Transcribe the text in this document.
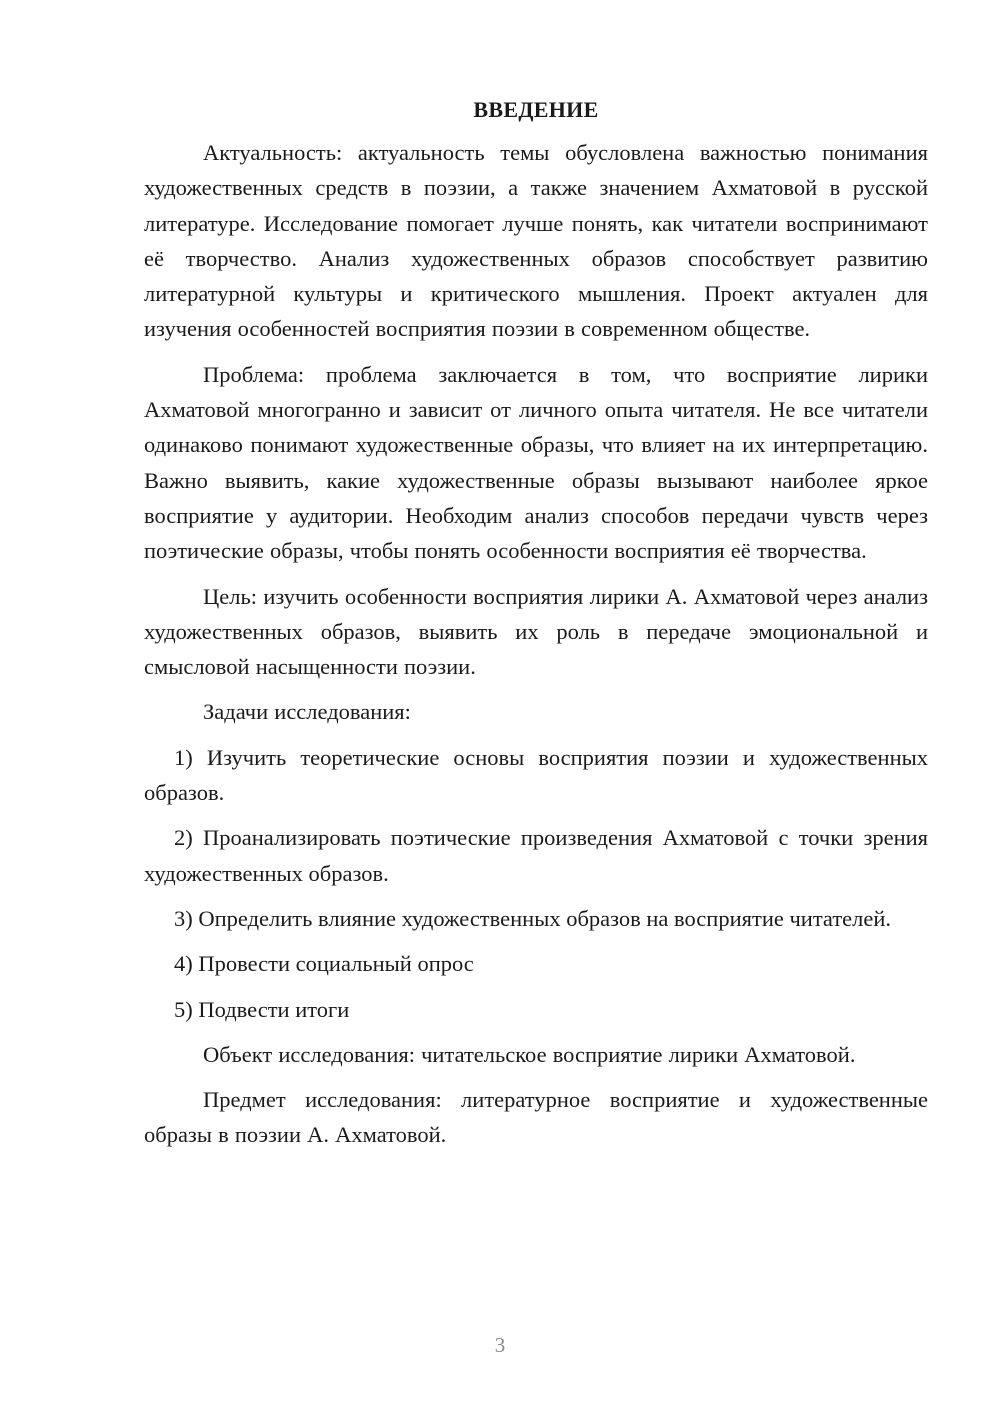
ВВЕДЕНИЕ

Актуальность: актуальность темы обусловлена важностью понимания художественных средств в поэзии, а также значением Ахматовой в русской литературе. Исследование помогает лучше понять, как читатели воспринимают её творчество. Анализ художественных образов способствует развитию литературной культуры и критического мышления. Проект актуален для изучения особенностей восприятия поэзии в современном обществе.

Проблема: проблема заключается в том, что восприятие лирики Ахматовой многогранно и зависит от личного опыта читателя. Не все читатели одинаково понимают художественные образы, что влияет на их интерпретацию. Важно выявить, какие художественные образы вызывают наиболее яркое восприятие у аудитории. Необходим анализ способов передачи чувств через поэтические образы, чтобы понять особенности восприятия её творчества.

Цель: изучить особенности восприятия лирики А. Ахматовой через анализ художественных образов, выявить их роль в передаче эмоциональной и смысловой насыщенности поэзии.

Задачи исследования:

1) Изучить теоретические основы восприятия поэзии и художественных образов.

2) Проанализировать поэтические произведения Ахматовой с точки зрения художественных образов.

3) Определить влияние художественных образов на восприятие читателей.

4) Провести социальный опрос

5) Подвести итоги

Объект исследования: читательское восприятие лирики Ахматовой.

Предмет исследования: литературное восприятие и художественные образы в поэзии А. Ахматовой.

3
